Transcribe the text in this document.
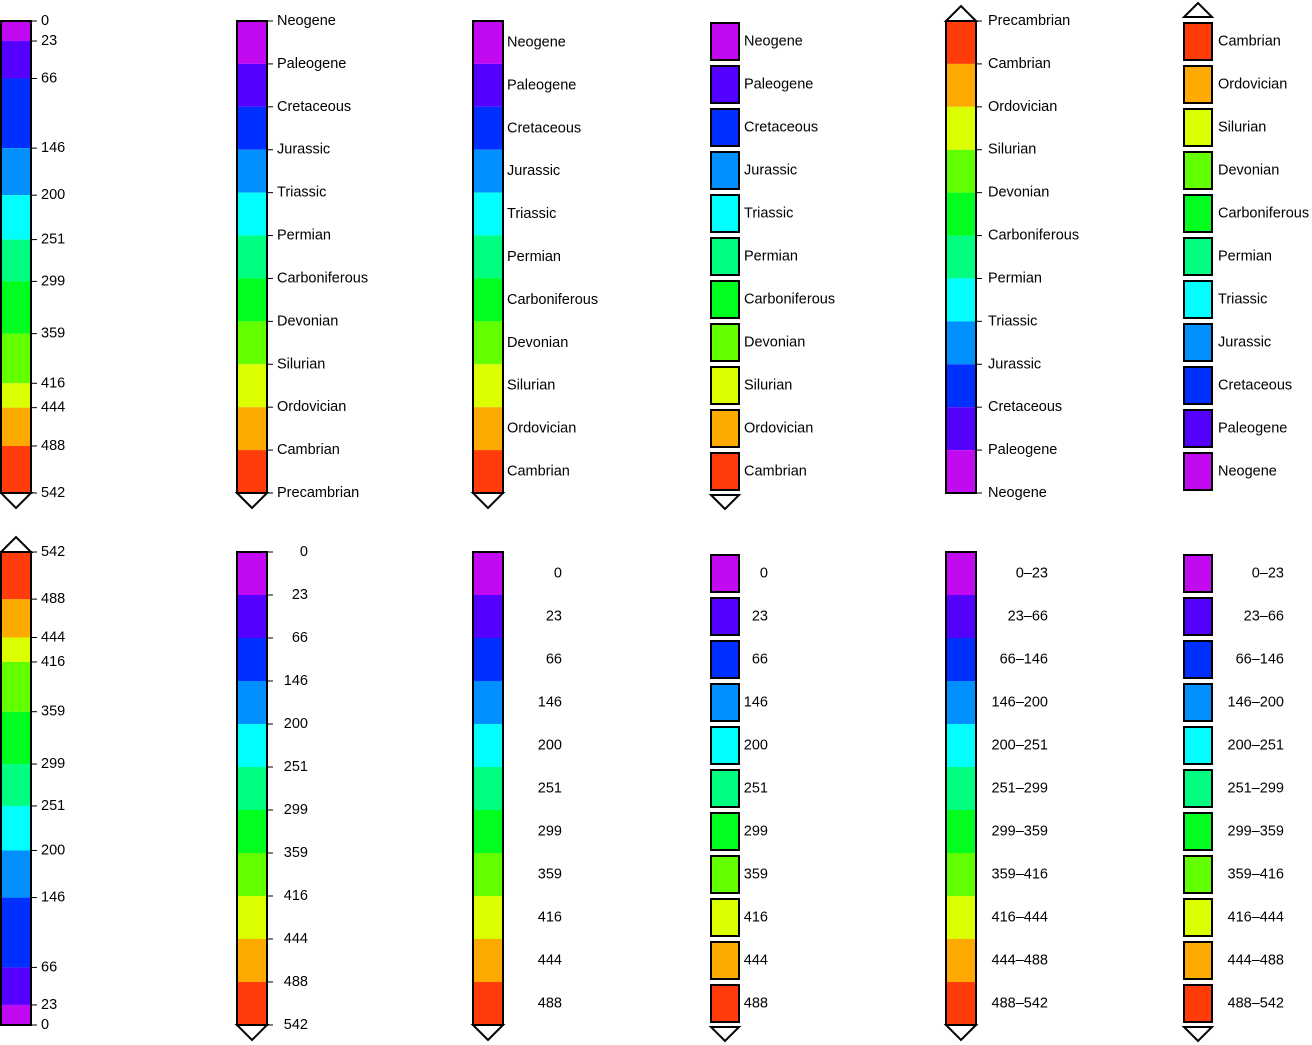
0
23
66
146
200
251
299
359
416
444
488
542
Neogene
Paleogene
Cretaceous
Jurassic
Triassic
Permian
Carboniferous
Devonian
Silurian
Ordovician
Cambrian
Precambrian
Neogene
Paleogene
Cretaceous
Jurassic
Triassic
Permian
Carboniferous
Devonian
Silurian
Ordovician
Cambrian
Neogene
Paleogene
Cretaceous
Jurassic
Triassic
Permian
Carboniferous
Devonian
Silurian
Ordovician
Cambrian
Precambrian
Cambrian
Ordovician
Silurian
Devonian
Carboniferous
Permian
Triassic
Jurassic
Cretaceous
Paleogene
Neogene
Cambrian
Ordovician
Silurian
Devonian
Carboniferous
Permian
Triassic
Jurassic
Cretaceous
Paleogene
Neogene
542
488
444
416
359
299
251
200
146
66
23
0
0
23
66
146
200
251
299
359
416
444
488
542
0
23
66
146
200
251
299
359
416
444
488
0
23
66
146
200
251
299
359
416
444
488
0–23
23–66
66–146
146–200
200–251
251–299
299–359
359–416
416–444
444–488
488–542
0–23
23–66
66–146
146–200
200–251
251–299
299–359
359–416
416–444
444–488
488–542
